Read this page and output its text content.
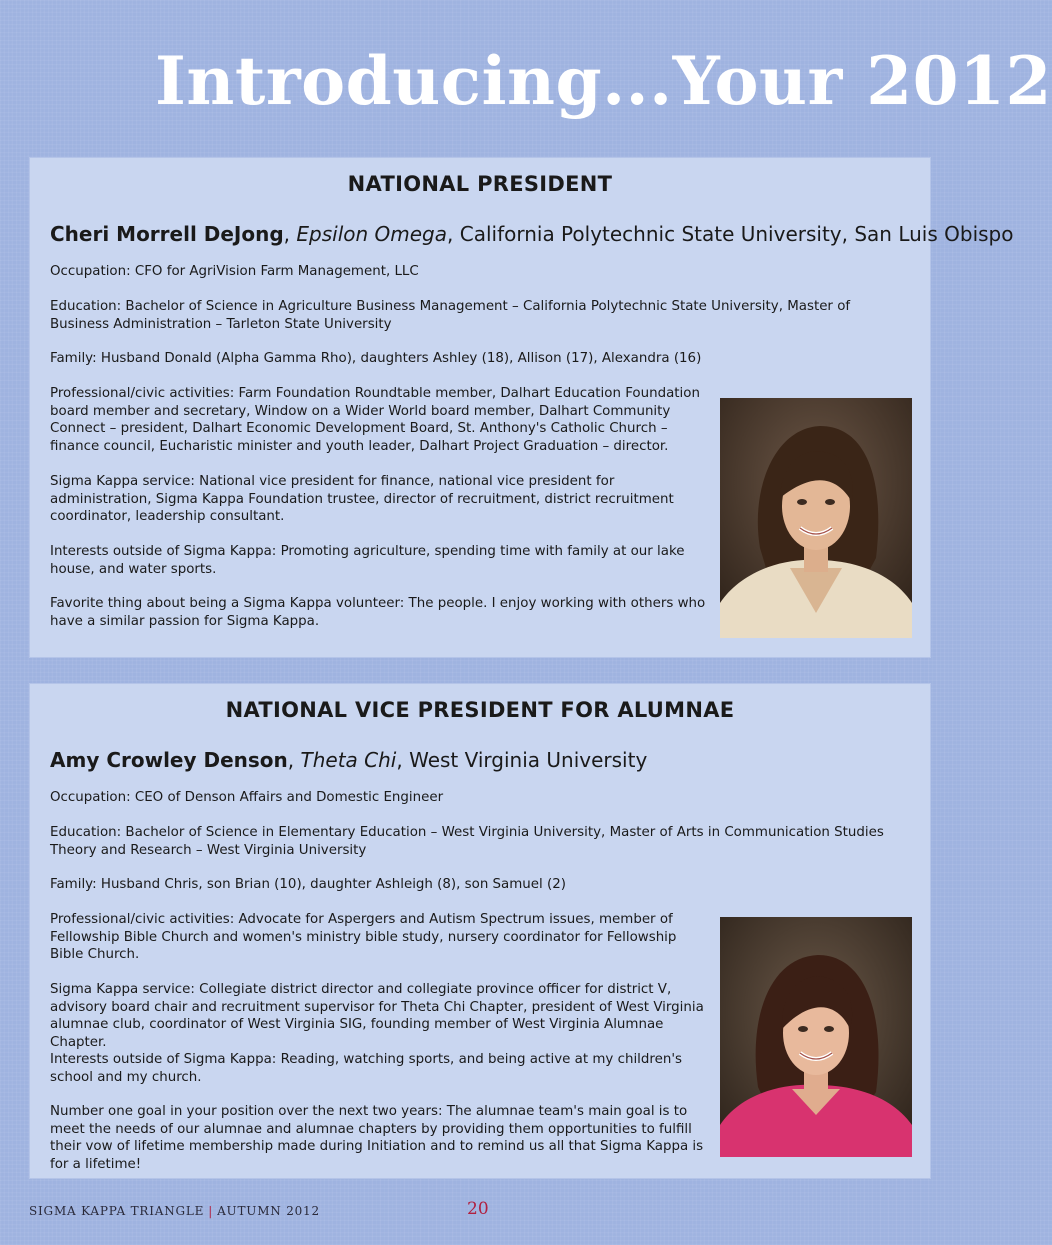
Introducing...Your 2012
NATIONAL PRESIDENT
Cheri Morrell DeJong, Epsilon Omega, California Polytechnic State University, San Luis Obispo

Occupation: CFO for AgriVision Farm Management, LLC

Education: Bachelor of Science in Agriculture Business Management – California Polytechnic State University, Master of Business Administration – Tarleton State University

Family: Husband Donald (Alpha Gamma Rho), daughters Ashley (18), Allison (17), Alexandra (16)

Professional/civic activities: Farm Foundation Roundtable member, Dalhart Education Foundation board member and secretary, Window on a Wider World board member, Dalhart Community Connect – president, Dalhart Economic Development Board, St. Anthony's Catholic Church – finance council, Eucharistic minister and youth leader, Dalhart Project Graduation – director.

Sigma Kappa service: National vice president for finance, national vice president for administration, Sigma Kappa Foundation trustee, director of recruitment, district recruitment coordinator, leadership consultant.

Interests outside of Sigma Kappa: Promoting agriculture, spending time with family at our lake house, and water sports.

Favorite thing about being a Sigma Kappa volunteer: The people. I enjoy working with others who have a similar passion for Sigma Kappa.

NATIONAL VICE PRESIDENT FOR ALUMNAE
Amy Crowley Denson, Theta Chi, West Virginia University

Occupation: CEO of Denson Affairs and Domestic Engineer

Education: Bachelor of Science in Elementary Education – West Virginia University, Master of Arts in Communication Studies Theory and Research – West Virginia University

Family: Husband Chris, son Brian (10), daughter Ashleigh (8), son Samuel (2)

Professional/civic activities: Advocate for Aspergers and Autism Spectrum issues, member of Fellowship Bible Church and women's ministry bible study, nursery coordinator for Fellowship Bible Church.

Sigma Kappa service: Collegiate district director and collegiate province officer for district V, advisory board chair and recruitment supervisor for Theta Chi Chapter, president of West Virginia alumnae club, coordinator of West Virginia SIG, founding member of West Virginia Alumnae Chapter.

Interests outside of Sigma Kappa: Reading, watching sports, and being active at my children's school and my church.

Number one goal in your position over the next two years: The alumnae team's main goal is to meet the needs of our alumnae and alumnae chapters by providing them opportunities to fulfill their vow of lifetime membership made during Initiation and to remind us all that Sigma Kappa is for a lifetime!

SIGMA KAPPA TRIANGLE | AUTUMN 2012	20
